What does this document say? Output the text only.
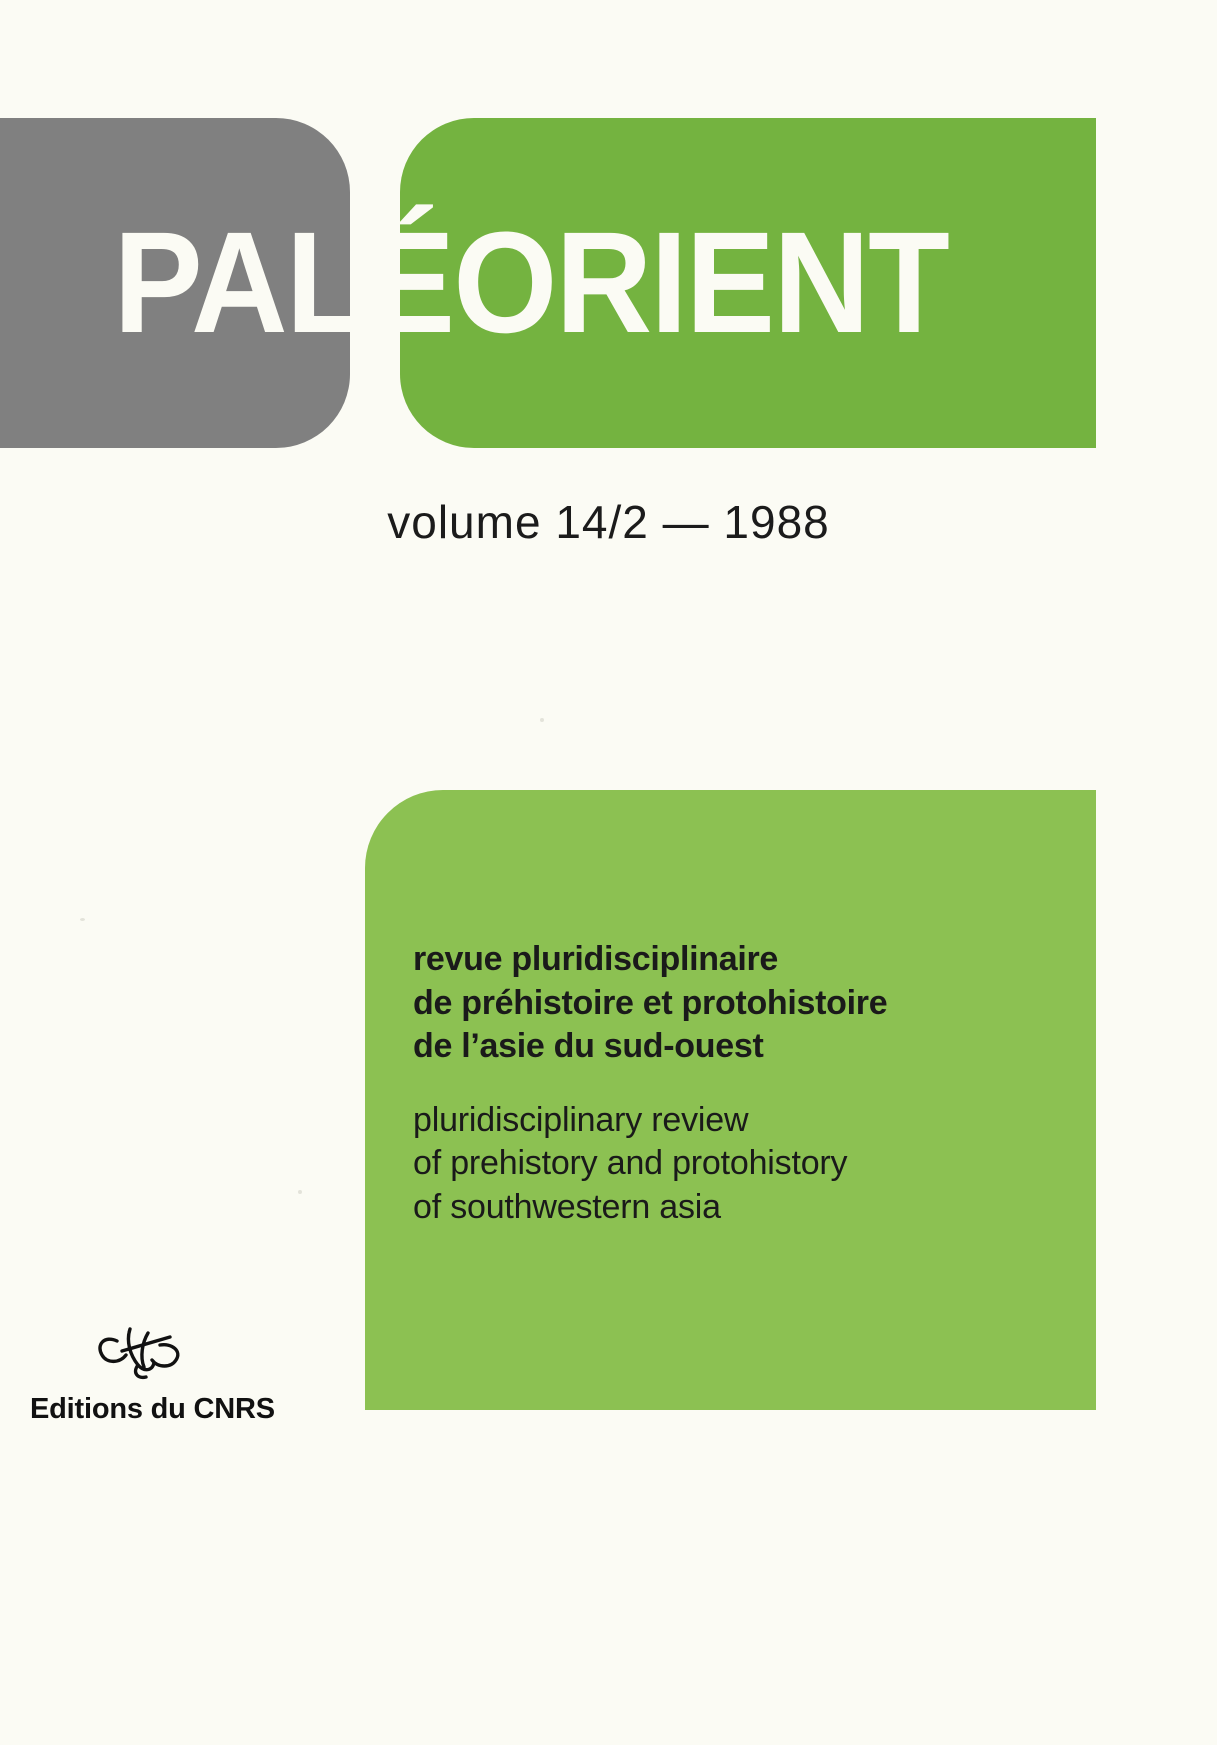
PALÉORIENT
volume 14/2 — 1988
revue pluridisciplinaire
de préhistoire et protohistoire
de l’asie du sud-ouest
pluridisciplinary review
of prehistory and protohistory
of southwestern asia
Editions du CNRS
